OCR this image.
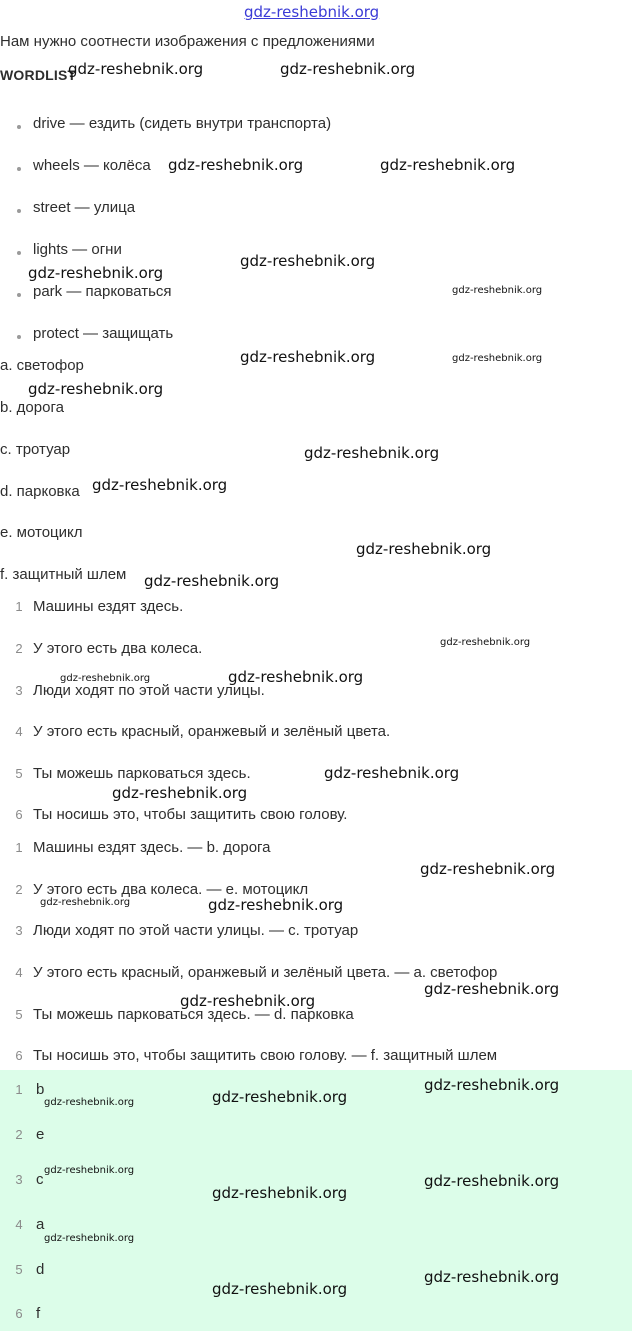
gdz-reshebnik.org
Нам нужно соотнести изображения с предложениями
WORDLIST
drive — ездить (сидеть внутри транспорта)
wheels — колёса
street — улица
lights — огни
park — парковаться
protect — защищать
a. светофор
b. дорога
c. тротуар
d. парковка
e. мотоцикл
f. защитный шлем
1 Машины ездят здесь.
2 У этого есть два колеса.
3 Люди ходят по этой части улицы.
4 У этого есть красный, оранжевый и зелёный цвета.
5 Ты можешь парковаться здесь.
6 Ты носишь это, чтобы защитить свою голову.
1 Машины ездят здесь. — b. дорога
2 У этого есть два колеса. — e. мотоцикл
3 Люди ходят по этой части улицы. — c. тротуар
4 У этого есть красный, оранжевый и зелёный цвета. — a. светофор
5 Ты можешь парковаться здесь. — d. парковка
6 Ты носишь это, чтобы защитить свою голову. — f. защитный шлем
1 b
2 e
3 c
4 a
5 d
6 f
gdz-reshebnik.org	gdz-reshebnik.org
gdz-reshebnik.org	gdz-reshebnik.org
gdz-reshebnik.org
gdz-reshebnik.org
gdz-reshebnik.org
gdz-reshebnik.org	gdz-reshebnik.org
gdz-reshebnik.org
gdz-reshebnik.org
gdz-reshebnik.org
gdz-reshebnik.org
gdz-reshebnik.org
gdz-reshebnik.org
gdz-reshebnik.org
gdz-reshebnik.org
gdz-reshebnik.org
gdz-reshebnik.org
gdz-reshebnik.org
gdz-reshebnik.org	gdz-reshebnik.org
gdz-reshebnik.org
gdz-reshebnik.org
gdz-reshebnik.org
gdz-reshebnik.org
gdz-reshebnik.org
gdz-reshebnik.org
gdz-reshebnik.org
gdz-reshebnik.org
gdz-reshebnik.org
gdz-reshebnik.org
gdz-reshebnik.org
